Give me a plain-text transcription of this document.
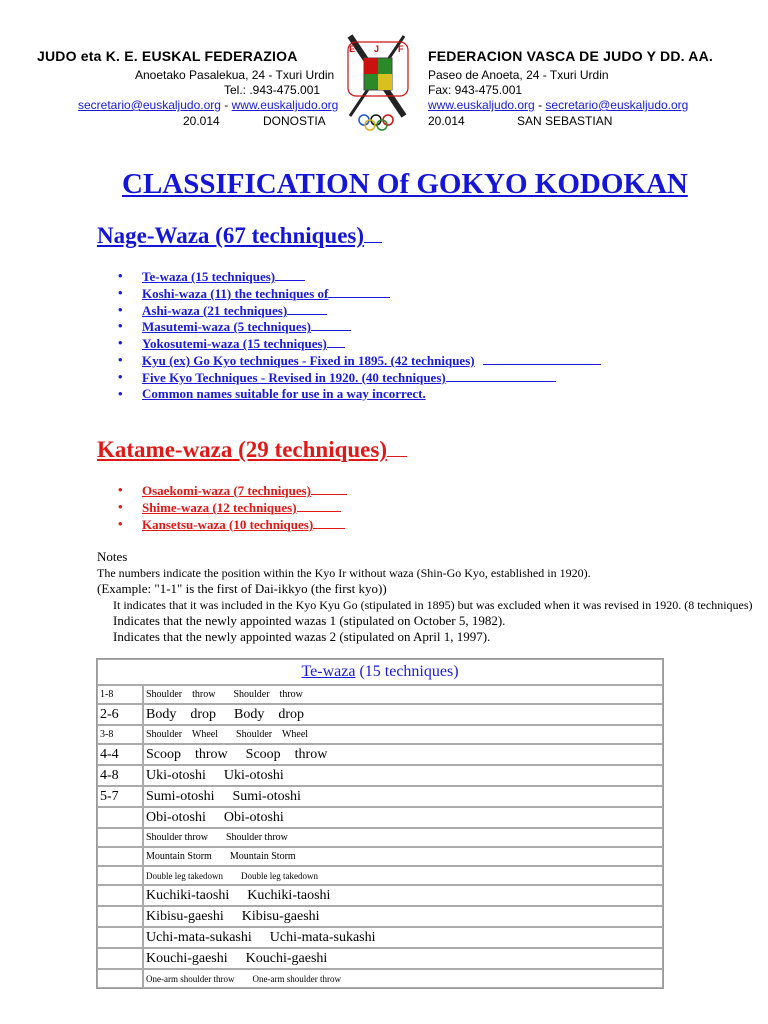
JUDO eta K. E. EUSKAL FEDERAZIOA
Anoetako Pasalekua, 24 - Txuri Urdin
Tel.: .943-475.001
secretario@euskaljudo.org - www.euskaljudo.org
20.014	DONOSTIA
E J F FEDERACION VASCA DE JUDO Y DD. AA.
Paseo de Anoeta, 24 - Txuri Urdin
Fax: 943-475.001
www.euskaljudo.org - secretario@euskaljudo.org
20.014	SAN SEBASTIAN
CLASSIFICATION Of GOKYO KODOKAN
Nage-Waza (67 techniques)
• Te-waza (15 techniques)
• Koshi-waza (11) the techniques of
• Ashi-waza (21 techniques)
• Masutemi-waza (5 techniques)
• Yokosutemi-waza (15 techniques)
• Kyu (ex) Go Kyo techniques - Fixed in 1895. (42 techniques)
• Five Kyo Techniques - Revised in 1920. (40 techniques)
• Common names suitable for use in a way incorrect.
Katame-waza (29 techniques)
• Osaekomi-waza (7 techniques)
• Shime-waza (12 techniques)
• Kansetsu-waza (10 techniques)
Notes
The numbers indicate the position within the Kyo Ir without waza (Shin-Go Kyo, established in 1920).
(Example: "1-1" is the first of Dai-ikkyo (the first kyo))
It indicates that it was included in the Kyo Kyu Go (stipulated in 1895) but was excluded when it was revised in 1920. (8 techniques)
Indicates that the newly appointed wazas 1 (stipulated on October 5, 1982).
Indicates that the newly appointed wazas 2 (stipulated on April 1, 1997).
Te-waza (15 techniques)	
1-8	Shoulder    throw Shoulder    throw
2-6	Body    drop Body    drop
3-8	Shoulder    Wheel Shoulder    Wheel
4-4	Scoop    throw Scoop    throw
4-8	Uki-otoshi Uki-otoshi
5-7	Sumi-otoshi Sumi-otoshi
	Obi-otoshi Obi-otoshi
	Shoulder throw Shoulder throw
	Mountain Storm Mountain Storm
	Double leg takedown Double leg takedown
	Kuchiki-taoshi Kuchiki-taoshi
	Kibisu-gaeshi Kibisu-gaeshi
	Uchi-mata-sukashi Uchi-mata-sukashi
	Kouchi-gaeshi Kouchi-gaeshi
	One-arm shoulder throw One-arm shoulder throw
